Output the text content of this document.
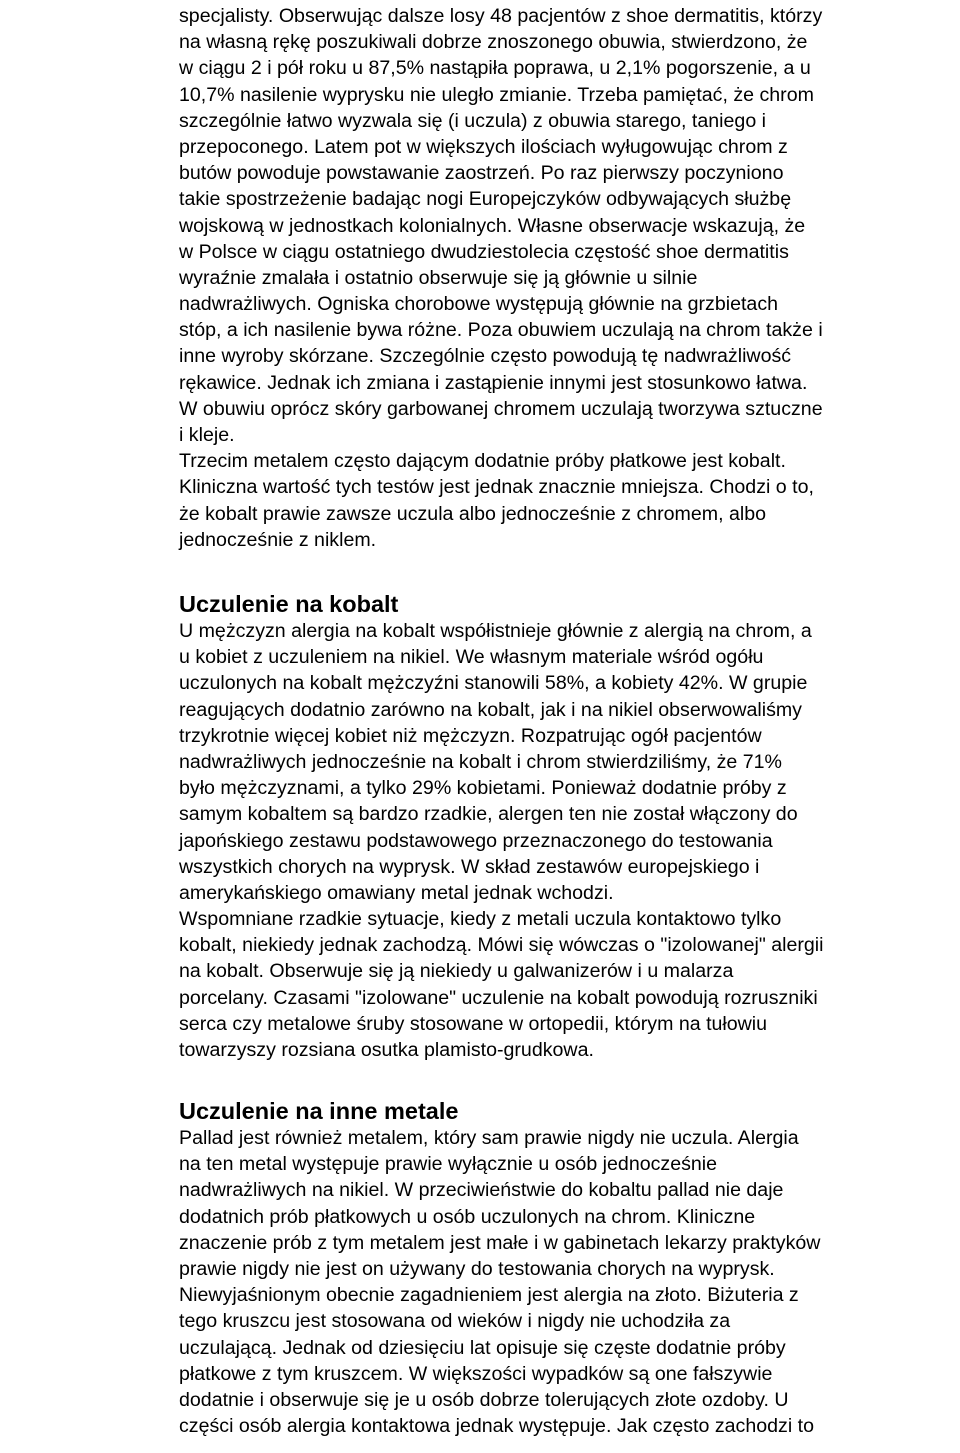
specjalisty. Obserwując dalsze losy 48 pacjentów z shoe dermatitis, którzy
na własną rękę poszukiwali dobrze znoszonego obuwia, stwierdzono, że
w ciągu 2 i pół roku u 87,5% nastąpiła poprawa, u 2,1% pogorszenie, a u
10,7% nasilenie wyprysku nie uległo zmianie. Trzeba pamiętać, że chrom
szczególnie łatwo wyzwala się (i uczula) z obuwia starego, taniego i
przepoconego. Latem pot w większych ilościach wyługowując chrom z
butów powoduje powstawanie zaostrzeń. Po raz pierwszy poczyniono
takie spostrzeżenie badając nogi Europejczyków odbywających służbę
wojskową w jednostkach kolonialnych. Własne obserwacje wskazują, że
w Polsce w ciągu ostatniego dwudziestolecia częstość shoe dermatitis
wyraźnie zmalała i ostatnio obserwuje się ją głównie u silnie
nadwrażliwych. Ogniska chorobowe występują głównie na grzbietach
stóp, a ich nasilenie bywa różne. Poza obuwiem uczulają na chrom także i
inne wyroby skórzane. Szczególnie często powodują tę nadwrażliwość
rękawice. Jednak ich zmiana i zastąpienie innymi jest stosunkowo łatwa.
W obuwiu oprócz skóry garbowanej chromem uczulają tworzywa sztuczne
i kleje.
Trzecim metalem często dającym dodatnie próby płatkowe jest kobalt.
Kliniczna wartość tych testów jest jednak znacznie mniejsza. Chodzi o to,
że kobalt prawie zawsze uczula albo jednocześnie z chromem, albo
jednocześnie z niklem.
Uczulenie na kobalt
U mężczyzn alergia na kobalt współistnieje głównie z alergią na chrom, a
u kobiet z uczuleniem na nikiel. We własnym materiale wśród ogółu
uczulonych na kobalt mężczyźni stanowili 58%, a kobiety 42%. W grupie
reagujących dodatnio zarówno na kobalt, jak i na nikiel obserwowaliśmy
trzykrotnie więcej kobiet niż mężczyzn. Rozpatrując ogół pacjentów
nadwrażliwych jednocześnie na kobalt i chrom stwierdziliśmy, że 71%
było mężczyznami, a tylko 29% kobietami. Ponieważ dodatnie próby z
samym kobaltem są bardzo rzadkie, alergen ten nie został włączony do
japońskiego zestawu podstawowego przeznaczonego do testowania
wszystkich chorych na wyprysk. W skład zestawów europejskiego i
amerykańskiego omawiany metal jednak wchodzi.
Wspomniane rzadkie sytuacje, kiedy z metali uczula kontaktowo tylko
kobalt, niekiedy jednak zachodzą. Mówi się wówczas o "izolowanej" alergii
na kobalt. Obserwuje się ją niekiedy u galwanizerów i u malarza
porcelany. Czasami "izolowane" uczulenie na kobalt powodują rozruszniki
serca czy metalowe śruby stosowane w ortopedii, którym na tułowiu
towarzyszy rozsiana osutka plamisto-grudkowa.
Uczulenie na inne metale
Pallad jest również metalem, który sam prawie nigdy nie uczula. Alergia
na ten metal występuje prawie wyłącznie u osób jednocześnie
nadwrażliwych na nikiel. W przeciwieństwie do kobaltu pallad nie daje
dodatnich prób płatkowych u osób uczulonych na chrom. Kliniczne
znaczenie prób z tym metalem jest małe i w gabinetach lekarzy praktyków
prawie nigdy nie jest on używany do testowania chorych na wyprysk.
Niewyjaśnionym obecnie zagadnieniem jest alergia na złoto. Biżuteria z
tego kruszcu jest stosowana od wieków i nigdy nie uchodziła za
uczulającą. Jednak od dziesięciu lat opisuje się częste dodatnie próby
płatkowe z tym kruszcem. W większości wypadków są one fałszywie
dodatnie i obserwuje się je u osób dobrze tolerujących złote ozdoby. U
części osób alergia kontaktowa jednak występuje. Jak często zachodzi to
